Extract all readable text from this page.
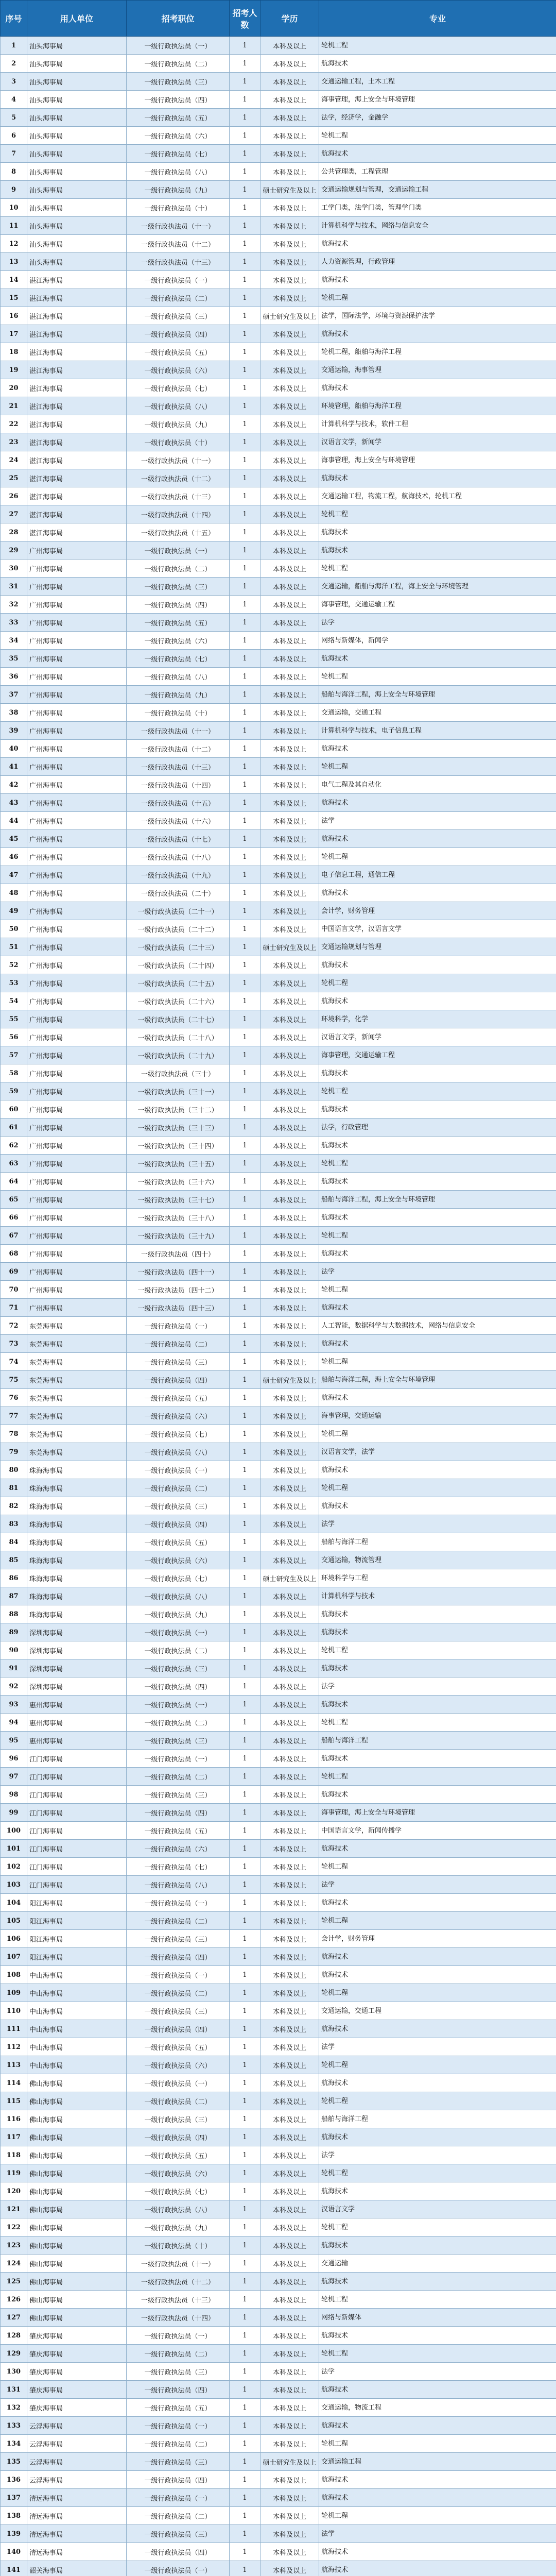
序号	用人单位	招考职位	招考人数	学历	专业
1	汕头海事局	一级行政执法员（一）	1	本科及以上	轮机工程
2	汕头海事局	一级行政执法员（二）	1	本科及以上	航海技术
3	汕头海事局	一级行政执法员（三）	1	本科及以上	交通运输工程，土木工程
4	汕头海事局	一级行政执法员（四）	1	本科及以上	海事管理，海上安全与环境管理
5	汕头海事局	一级行政执法员（五）	1	本科及以上	法学，经济学，金融学
6	汕头海事局	一级行政执法员（六）	1	本科及以上	轮机工程
7	汕头海事局	一级行政执法员（七）	1	本科及以上	航海技术
8	汕头海事局	一级行政执法员（八）	1	本科及以上	公共管理类，工程管理
9	汕头海事局	一级行政执法员（九）	1	硕士研究生及以上	交通运输规划与管理，交通运输工程
10	汕头海事局	一级行政执法员（十）	1	本科及以上	工学门类，法学门类，管理学门类
11	汕头海事局	一级行政执法员（十一）	1	本科及以上	计算机科学与技术，网络与信息安全
12	汕头海事局	一级行政执法员（十二）	1	本科及以上	航海技术
13	汕头海事局	一级行政执法员（十三）	1	本科及以上	人力资源管理，行政管理
14	湛江海事局	一级行政执法员（一）	1	本科及以上	航海技术
15	湛江海事局	一级行政执法员（二）	1	本科及以上	轮机工程
16	湛江海事局	一级行政执法员（三）	1	硕士研究生及以上	法学，国际法学，环境与资源保护法学
17	湛江海事局	一级行政执法员（四）	1	本科及以上	航海技术
18	湛江海事局	一级行政执法员（五）	1	本科及以上	轮机工程，船舶与海洋工程
19	湛江海事局	一级行政执法员（六）	1	本科及以上	交通运输，海事管理
20	湛江海事局	一级行政执法员（七）	1	本科及以上	航海技术
21	湛江海事局	一级行政执法员（八）	1	本科及以上	环境管理，船舶与海洋工程
22	湛江海事局	一级行政执法员（九）	1	本科及以上	计算机科学与技术，软件工程
23	湛江海事局	一级行政执法员（十）	1	本科及以上	汉语言文学，新闻学
24	湛江海事局	一级行政执法员（十一）	1	本科及以上	海事管理，海上安全与环境管理
25	湛江海事局	一级行政执法员（十二）	1	本科及以上	航海技术
26	湛江海事局	一级行政执法员（十三）	1	本科及以上	交通运输工程，物流工程，航海技术，轮机工程
27	湛江海事局	一级行政执法员（十四）	1	本科及以上	轮机工程
28	湛江海事局	一级行政执法员（十五）	1	本科及以上	航海技术
29	广州海事局	一级行政执法员（一）	1	本科及以上	航海技术
30	广州海事局	一级行政执法员（二）	1	本科及以上	轮机工程
31	广州海事局	一级行政执法员（三）	1	本科及以上	交通运输，船舶与海洋工程，海上安全与环境管理
32	广州海事局	一级行政执法员（四）	1	本科及以上	海事管理，交通运输工程
33	广州海事局	一级行政执法员（五）	1	本科及以上	法学
34	广州海事局	一级行政执法员（六）	1	本科及以上	网络与新媒体，新闻学
35	广州海事局	一级行政执法员（七）	1	本科及以上	航海技术
36	广州海事局	一级行政执法员（八）	1	本科及以上	轮机工程
37	广州海事局	一级行政执法员（九）	1	本科及以上	船舶与海洋工程，海上安全与环境管理
38	广州海事局	一级行政执法员（十）	1	本科及以上	交通运输，交通工程
39	广州海事局	一级行政执法员（十一）	1	本科及以上	计算机科学与技术，电子信息工程
40	广州海事局	一级行政执法员（十二）	1	本科及以上	航海技术
41	广州海事局	一级行政执法员（十三）	1	本科及以上	轮机工程
42	广州海事局	一级行政执法员（十四）	1	本科及以上	电气工程及其自动化
43	广州海事局	一级行政执法员（十五）	1	本科及以上	航海技术
44	广州海事局	一级行政执法员（十六）	1	本科及以上	法学
45	广州海事局	一级行政执法员（十七）	1	本科及以上	航海技术
46	广州海事局	一级行政执法员（十八）	1	本科及以上	轮机工程
47	广州海事局	一级行政执法员（十九）	1	本科及以上	电子信息工程，通信工程
48	广州海事局	一级行政执法员（二十）	1	本科及以上	航海技术
49	广州海事局	一级行政执法员（二十一）	1	本科及以上	会计学，财务管理
50	广州海事局	一级行政执法员（二十二）	1	本科及以上	中国语言文学，汉语言文学
51	广州海事局	一级行政执法员（二十三）	1	硕士研究生及以上	交通运输规划与管理
52	广州海事局	一级行政执法员（二十四）	1	本科及以上	航海技术
53	广州海事局	一级行政执法员（二十五）	1	本科及以上	轮机工程
54	广州海事局	一级行政执法员（二十六）	1	本科及以上	航海技术
55	广州海事局	一级行政执法员（二十七）	1	本科及以上	环境科学，化学
56	广州海事局	一级行政执法员（二十八）	1	本科及以上	汉语言文学，新闻学
57	广州海事局	一级行政执法员（二十九）	1	本科及以上	海事管理，交通运输工程
58	广州海事局	一级行政执法员（三十）	1	本科及以上	航海技术
59	广州海事局	一级行政执法员（三十一）	1	本科及以上	轮机工程
60	广州海事局	一级行政执法员（三十二）	1	本科及以上	航海技术
61	广州海事局	一级行政执法员（三十三）	1	本科及以上	法学，行政管理
62	广州海事局	一级行政执法员（三十四）	1	本科及以上	航海技术
63	广州海事局	一级行政执法员（三十五）	1	本科及以上	轮机工程
64	广州海事局	一级行政执法员（三十六）	1	本科及以上	航海技术
65	广州海事局	一级行政执法员（三十七）	1	本科及以上	船舶与海洋工程，海上安全与环境管理
66	广州海事局	一级行政执法员（三十八）	1	本科及以上	航海技术
67	广州海事局	一级行政执法员（三十九）	1	本科及以上	轮机工程
68	广州海事局	一级行政执法员（四十）	1	本科及以上	航海技术
69	广州海事局	一级行政执法员（四十一）	1	本科及以上	法学
70	广州海事局	一级行政执法员（四十二）	1	本科及以上	轮机工程
71	广州海事局	一级行政执法员（四十三）	1	本科及以上	航海技术
72	东莞海事局	一级行政执法员（一）	1	本科及以上	人工智能，数据科学与大数据技术，网络与信息安全
73	东莞海事局	一级行政执法员（二）	1	本科及以上	航海技术
74	东莞海事局	一级行政执法员（三）	1	本科及以上	轮机工程
75	东莞海事局	一级行政执法员（四）	1	硕士研究生及以上	船舶与海洋工程，海上安全与环境管理
76	东莞海事局	一级行政执法员（五）	1	本科及以上	航海技术
77	东莞海事局	一级行政执法员（六）	1	本科及以上	海事管理，交通运输
78	东莞海事局	一级行政执法员（七）	1	本科及以上	轮机工程
79	东莞海事局	一级行政执法员（八）	1	本科及以上	汉语言文学，法学
80	珠海海事局	一级行政执法员（一）	1	本科及以上	航海技术
81	珠海海事局	一级行政执法员（二）	1	本科及以上	轮机工程
82	珠海海事局	一级行政执法员（三）	1	本科及以上	航海技术
83	珠海海事局	一级行政执法员（四）	1	本科及以上	法学
84	珠海海事局	一级行政执法员（五）	1	本科及以上	船舶与海洋工程
85	珠海海事局	一级行政执法员（六）	1	本科及以上	交通运输，物流管理
86	珠海海事局	一级行政执法员（七）	1	硕士研究生及以上	环境科学与工程
87	珠海海事局	一级行政执法员（八）	1	本科及以上	计算机科学与技术
88	珠海海事局	一级行政执法员（九）	1	本科及以上	航海技术
89	深圳海事局	一级行政执法员（一）	1	本科及以上	航海技术
90	深圳海事局	一级行政执法员（二）	1	本科及以上	轮机工程
91	深圳海事局	一级行政执法员（三）	1	本科及以上	航海技术
92	深圳海事局	一级行政执法员（四）	1	本科及以上	法学
93	惠州海事局	一级行政执法员（一）	1	本科及以上	航海技术
94	惠州海事局	一级行政执法员（二）	1	本科及以上	轮机工程
95	惠州海事局	一级行政执法员（三）	1	本科及以上	船舶与海洋工程
96	江门海事局	一级行政执法员（一）	1	本科及以上	航海技术
97	江门海事局	一级行政执法员（二）	1	本科及以上	轮机工程
98	江门海事局	一级行政执法员（三）	1	本科及以上	航海技术
99	江门海事局	一级行政执法员（四）	1	本科及以上	海事管理，海上安全与环境管理
100	江门海事局	一级行政执法员（五）	1	本科及以上	中国语言文学，新闻传播学
101	江门海事局	一级行政执法员（六）	1	本科及以上	航海技术
102	江门海事局	一级行政执法员（七）	1	本科及以上	轮机工程
103	江门海事局	一级行政执法员（八）	1	本科及以上	法学
104	阳江海事局	一级行政执法员（一）	1	本科及以上	航海技术
105	阳江海事局	一级行政执法员（二）	1	本科及以上	轮机工程
106	阳江海事局	一级行政执法员（三）	1	本科及以上	会计学，财务管理
107	阳江海事局	一级行政执法员（四）	1	本科及以上	航海技术
108	中山海事局	一级行政执法员（一）	1	本科及以上	航海技术
109	中山海事局	一级行政执法员（二）	1	本科及以上	轮机工程
110	中山海事局	一级行政执法员（三）	1	本科及以上	交通运输，交通工程
111	中山海事局	一级行政执法员（四）	1	本科及以上	航海技术
112	中山海事局	一级行政执法员（五）	1	本科及以上	法学
113	中山海事局	一级行政执法员（六）	1	本科及以上	轮机工程
114	佛山海事局	一级行政执法员（一）	1	本科及以上	航海技术
115	佛山海事局	一级行政执法员（二）	1	本科及以上	轮机工程
116	佛山海事局	一级行政执法员（三）	1	本科及以上	船舶与海洋工程
117	佛山海事局	一级行政执法员（四）	1	本科及以上	航海技术
118	佛山海事局	一级行政执法员（五）	1	本科及以上	法学
119	佛山海事局	一级行政执法员（六）	1	本科及以上	轮机工程
120	佛山海事局	一级行政执法员（七）	1	本科及以上	航海技术
121	佛山海事局	一级行政执法员（八）	1	本科及以上	汉语言文学
122	佛山海事局	一级行政执法员（九）	1	本科及以上	轮机工程
123	佛山海事局	一级行政执法员（十）	1	本科及以上	航海技术
124	佛山海事局	一级行政执法员（十一）	1	本科及以上	交通运输
125	佛山海事局	一级行政执法员（十二）	1	本科及以上	航海技术
126	佛山海事局	一级行政执法员（十三）	1	本科及以上	轮机工程
127	佛山海事局	一级行政执法员（十四）	1	本科及以上	网络与新媒体
128	肇庆海事局	一级行政执法员（一）	1	本科及以上	航海技术
129	肇庆海事局	一级行政执法员（二）	1	本科及以上	轮机工程
130	肇庆海事局	一级行政执法员（三）	1	本科及以上	法学
131	肇庆海事局	一级行政执法员（四）	1	本科及以上	航海技术
132	肇庆海事局	一级行政执法员（五）	1	本科及以上	交通运输，物流工程
133	云浮海事局	一级行政执法员（一）	1	本科及以上	航海技术
134	云浮海事局	一级行政执法员（二）	1	本科及以上	轮机工程
135	云浮海事局	一级行政执法员（三）	1	硕士研究生及以上	交通运输工程
136	云浮海事局	一级行政执法员（四）	1	本科及以上	航海技术
137	清远海事局	一级行政执法员（一）	1	本科及以上	航海技术
138	清远海事局	一级行政执法员（二）	1	本科及以上	轮机工程
139	清远海事局	一级行政执法员（三）	1	本科及以上	法学
140	清远海事局	一级行政执法员（四）	1	本科及以上	航海技术
141	韶关海事局	一级行政执法员（一）	1	本科及以上	航海技术
